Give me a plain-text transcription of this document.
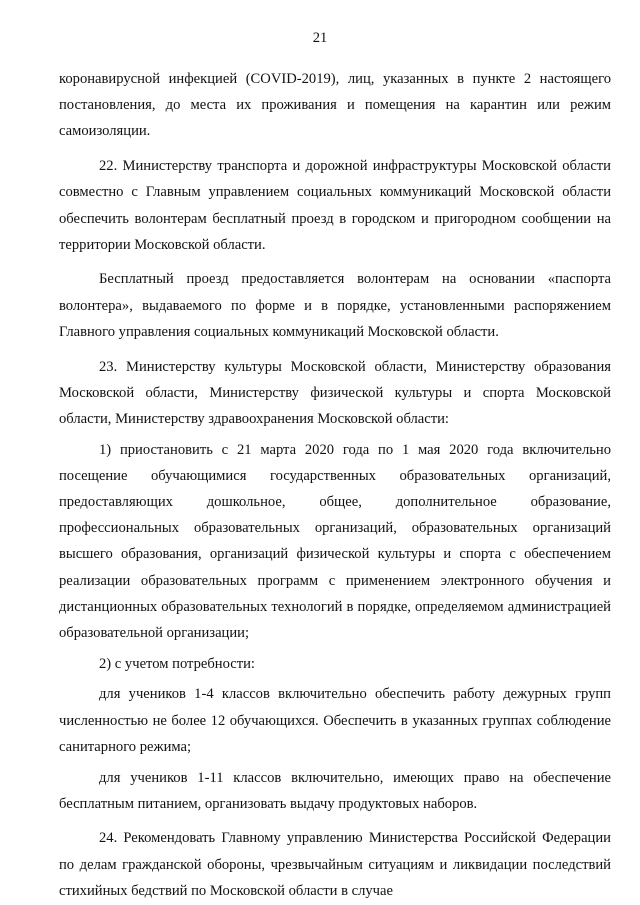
21

коронавирусной инфекцией (COVID-2019), лиц, указанных в пункте 2 настоящего постановления, до места их проживания и помещения на карантин или режим самоизоляции.

22. Министерству транспорта и дорожной инфраструктуры Московской области совместно с Главным управлением социальных коммуникаций Московской области обеспечить волонтерам бесплатный проезд в городском и пригородном сообщении на территории Московской области.

Бесплатный проезд предоставляется волонтерам на основании «паспорта волонтера», выдаваемого по форме и в порядке, установленными распоряжением Главного управления социальных коммуникаций Московской области.

23. Министерству культуры Московской области, Министерству образования Московской области, Министерству физической культуры и спорта Московской области, Министерству здравоохранения Московской области:

1) приостановить с 21 марта 2020 года по 1 мая 2020 года включительно посещение обучающимися государственных образовательных организаций, предоставляющих дошкольное, общее, дополнительное образование, профессиональных образовательных организаций, образовательных организаций высшего образования, организаций физической культуры и спорта с обеспечением реализации образовательных программ с применением электронного обучения и дистанционных образовательных технологий в порядке, определяемом администрацией образовательной организации;

2) с учетом потребности:

для учеников 1-4 классов включительно обеспечить работу дежурных групп численностью не более 12 обучающихся. Обеспечить в указанных группах соблюдение санитарного режима;

для учеников 1-11 классов включительно, имеющих право на обеспечение бесплатным питанием, организовать выдачу продуктовых наборов.

24. Рекомендовать Главному управлению Министерства Российской Федерации по делам гражданской обороны, чрезвычайным ситуациям и ликвидации последствий стихийных бедствий по Московской области в случае
